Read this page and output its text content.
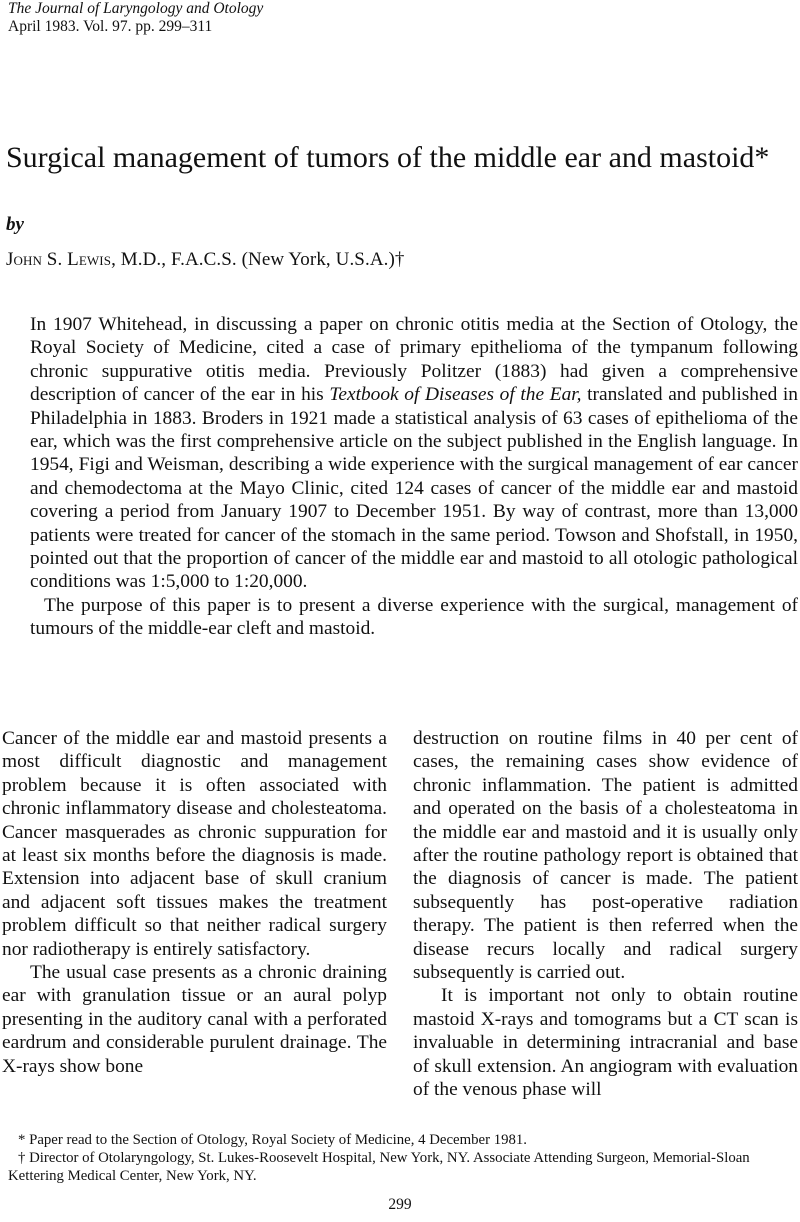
The Journal of Laryngology and Otology
April 1983. Vol. 97. pp. 299–311
Surgical management of tumors of the middle ear and mastoid*
by
John S. Lewis, M.D., F.A.C.S. (New York, U.S.A.)†

In 1907 Whitehead, in discussing a paper on chronic otitis media at the Section of Otology, the Royal Society of Medicine, cited a case of primary epithelioma of the tympanum following chronic suppurative otitis media. Previously Politzer (1883) had given a comprehensive description of cancer of the ear in his Textbook of Diseases of the Ear, translated and published in Philadelphia in 1883. Broders in 1921 made a statistical analysis of 63 cases of epithelioma of the ear, which was the first comprehensive article on the subject published in the English language. In 1954, Figi and Weisman, describing a wide experience with the surgical management of ear cancer and chemodectoma at the Mayo Clinic, cited 124 cases of cancer of the middle ear and mastoid covering a period from January 1907 to December 1951. By way of contrast, more than 13,000 patients were treated for cancer of the stomach in the same period. Towson and Shofstall, in 1950, pointed out that the proportion of cancer of the middle ear and mastoid to all otologic pathological conditions was 1:5,000 to 1:20,000.

The purpose of this paper is to present a diverse experience with the surgical, management of tumours of the middle-ear cleft and mastoid.

Cancer of the middle ear and mastoid presents a most difficult diagnostic and management problem because it is often associated with chronic inflammatory disease and cholesteatoma. Cancer masquerades as chronic suppuration for at least six months before the diagnosis is made. Extension into adjacent base of skull cranium and adjacent soft tissues makes the treatment problem difficult so that neither radical surgery nor radiotherapy is entirely satisfactory.

The usual case presents as a chronic draining ear with granulation tissue or an aural polyp presenting in the auditory canal with a perforated eardrum and considerable purulent drainage. The X-rays show bone

destruction on routine films in 40 per cent of cases, the remaining cases show evidence of chronic inflammation. The patient is admitted and operated on the basis of a cholesteatoma in the middle ear and mastoid and it is usually only after the routine pathology report is obtained that the diagnosis of cancer is made. The patient subsequently has post-operative radiation therapy. The patient is then referred when the disease recurs locally and radical surgery subsequently is carried out.

It is important not only to obtain routine mastoid X-rays and tomograms but a CT scan is invaluable in determining intracranial and base of skull extension. An angiogram with evaluation of the venous phase will

* Paper read to the Section of Otology, Royal Society of Medicine, 4 December 1981.

† Director of Otolaryngology, St. Lukes-Roosevelt Hospital, New York, NY. Associate Attending Surgeon, Memorial-Sloan Kettering Medical Center, New York, NY.

299
